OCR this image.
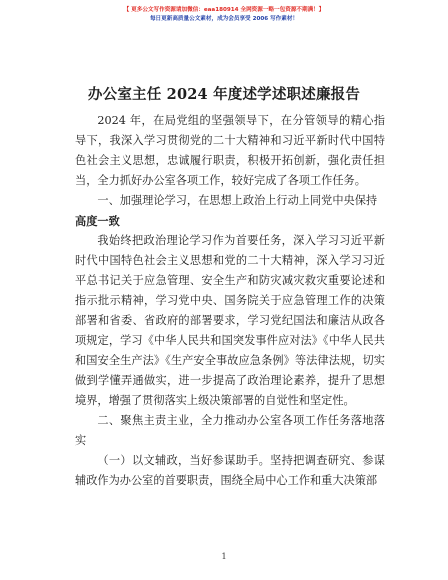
【 更多公文写作资源请加微信：eaa180914 全网资源一略一包资源不期满！】
每日更新高质量公文素材，成为会员享受 2006 写作素材！
办公室主任 2024 年度述学述职述廉报告

2024 年，在局党组的坚强领导下，在分管领导的精心指导下，我深入学习贯彻党的二十大精神和习近平新时代中国特色社会主义思想，忠诚履行职责，积极开拓创新，强化责任担当，全力抓好办公室各项工作，较好完成了各项工作任务。

一、加强理论学习，在思想上政治上行动上同党中央保持

高度一致

我始终把政治理论学习作为首要任务，深入学习习近平新时代中国特色社会主义思想和党的二十大精神，深入学习习近平总书记关于应急管理、安全生产和防灾减灾救灾重要论述和指示批示精神，学习党中央、国务院关于应急管理工作的决策部署和省委、省政府的部署要求，学习党纪国法和廉洁从政各项规定，学习《中华人民共和国突发事件应对法》《中华人民共和国安全生产法》《生产安全事故应急条例》等法律法规，切实做到学懂弄通做实，进一步提高了政治理论素养，提升了思想境界，增强了贯彻落实上级决策部署的自觉性和坚定性。

二、聚焦主责主业，全力推动办公室各项工作任务落地落实

（一）以文辅政，当好参谋助手。坚持把调查研究、参谋辅政作为办公室的首要职责，围绕全局中心工作和重大决策部

1
